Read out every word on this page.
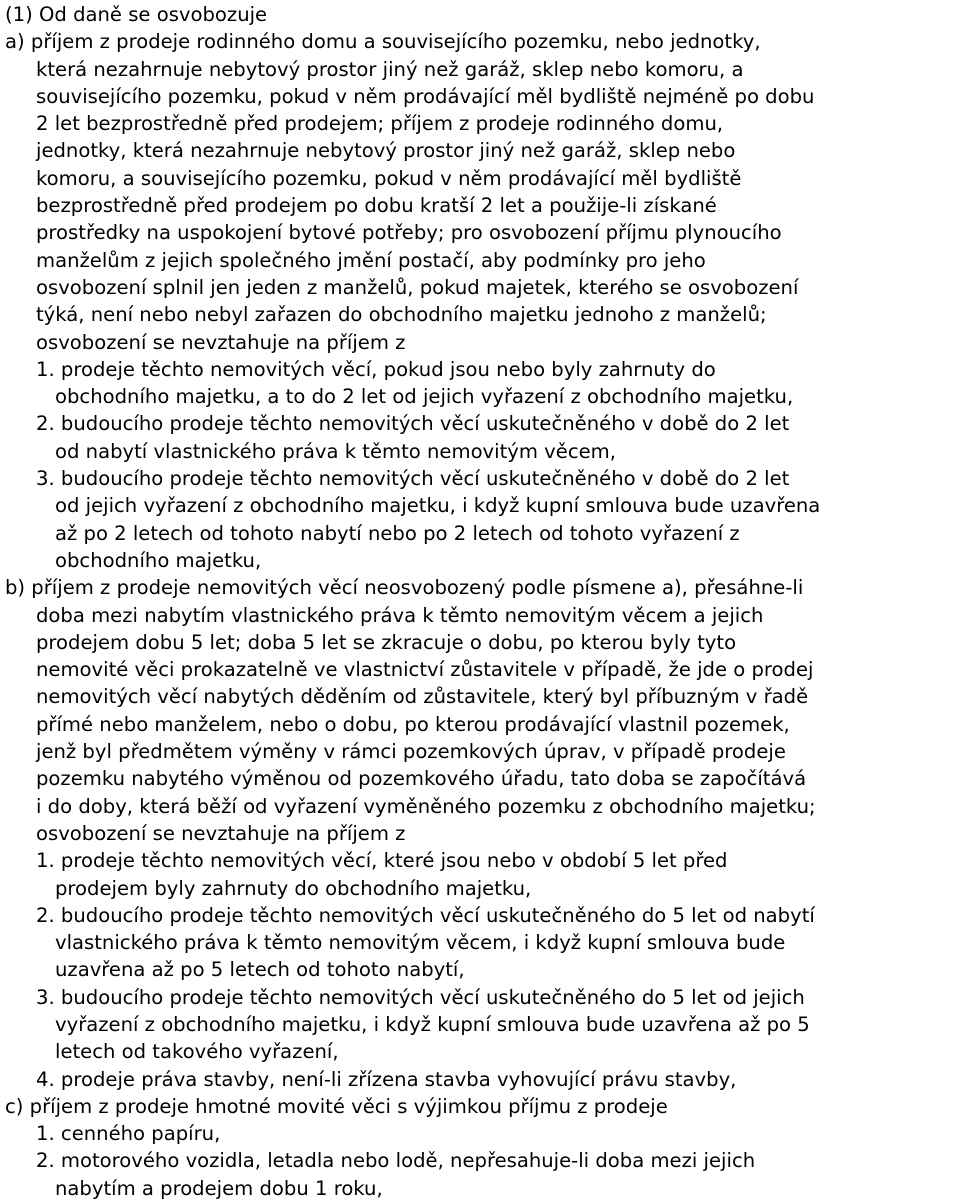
(1) Od daně se osvobozuje
a) příjem z prodeje rodinného domu a souvisejícího pozemku, nebo jednotky,
která nezahrnuje nebytový prostor jiný než garáž, sklep nebo komoru, a
souvisejícího pozemku, pokud v něm prodávající měl bydliště nejméně po dobu
2 let bezprostředně před prodejem; příjem z prodeje rodinného domu,
jednotky, která nezahrnuje nebytový prostor jiný než garáž, sklep nebo
komoru, a souvisejícího pozemku, pokud v něm prodávající měl bydliště
bezprostředně před prodejem po dobu kratší 2 let a použije-li získané
prostředky na uspokojení bytové potřeby; pro osvobození příjmu plynoucího
manželům z jejich společného jmění postačí, aby podmínky pro jeho
osvobození splnil jen jeden z manželů, pokud majetek, kterého se osvobození
týká, není nebo nebyl zařazen do obchodního majetku jednoho z manželů;
osvobození se nevztahuje na příjem z
1. prodeje těchto nemovitých věcí, pokud jsou nebo byly zahrnuty do
obchodního majetku, a to do 2 let od jejich vyřazení z obchodního majetku,
2. budoucího prodeje těchto nemovitých věcí uskutečněného v době do 2 let
od nabytí vlastnického práva k těmto nemovitým věcem,
3. budoucího prodeje těchto nemovitých věcí uskutečněného v době do 2 let
od jejich vyřazení z obchodního majetku, i když kupní smlouva bude uzavřena
až po 2 letech od tohoto nabytí nebo po 2 letech od tohoto vyřazení z
obchodního majetku,
b) příjem z prodeje nemovitých věcí neosvobozený podle písmene a), přesáhne-li
doba mezi nabytím vlastnického práva k těmto nemovitým věcem a jejich
prodejem dobu 5 let; doba 5 let se zkracuje o dobu, po kterou byly tyto
nemovité věci prokazatelně ve vlastnictví zůstavitele v případě, že jde o prodej
nemovitých věcí nabytých děděním od zůstavitele, který byl příbuzným v řadě
přímé nebo manželem, nebo o dobu, po kterou prodávající vlastnil pozemek,
jenž byl předmětem výměny v rámci pozemkových úprav, v případě prodeje
pozemku nabytého výměnou od pozemkového úřadu, tato doba se započítává
i do doby, která běží od vyřazení vyměněného pozemku z obchodního majetku;
osvobození se nevztahuje na příjem z
1. prodeje těchto nemovitých věcí, které jsou nebo v období 5 let před
prodejem byly zahrnuty do obchodního majetku,
2. budoucího prodeje těchto nemovitých věcí uskutečněného do 5 let od nabytí
vlastnického práva k těmto nemovitým věcem, i když kupní smlouva bude
uzavřena až po 5 letech od tohoto nabytí,
3. budoucího prodeje těchto nemovitých věcí uskutečněného do 5 let od jejich
vyřazení z obchodního majetku, i když kupní smlouva bude uzavřena až po 5
letech od takového vyřazení,
4. prodeje práva stavby, není-li zřízena stavba vyhovující právu stavby,
c) příjem z prodeje hmotné movité věci s výjimkou příjmu z prodeje
1. cenného papíru,
2. motorového vozidla, letadla nebo lodě, nepřesahuje-li doba mezi jejich
nabytím a prodejem dobu 1 roku,
